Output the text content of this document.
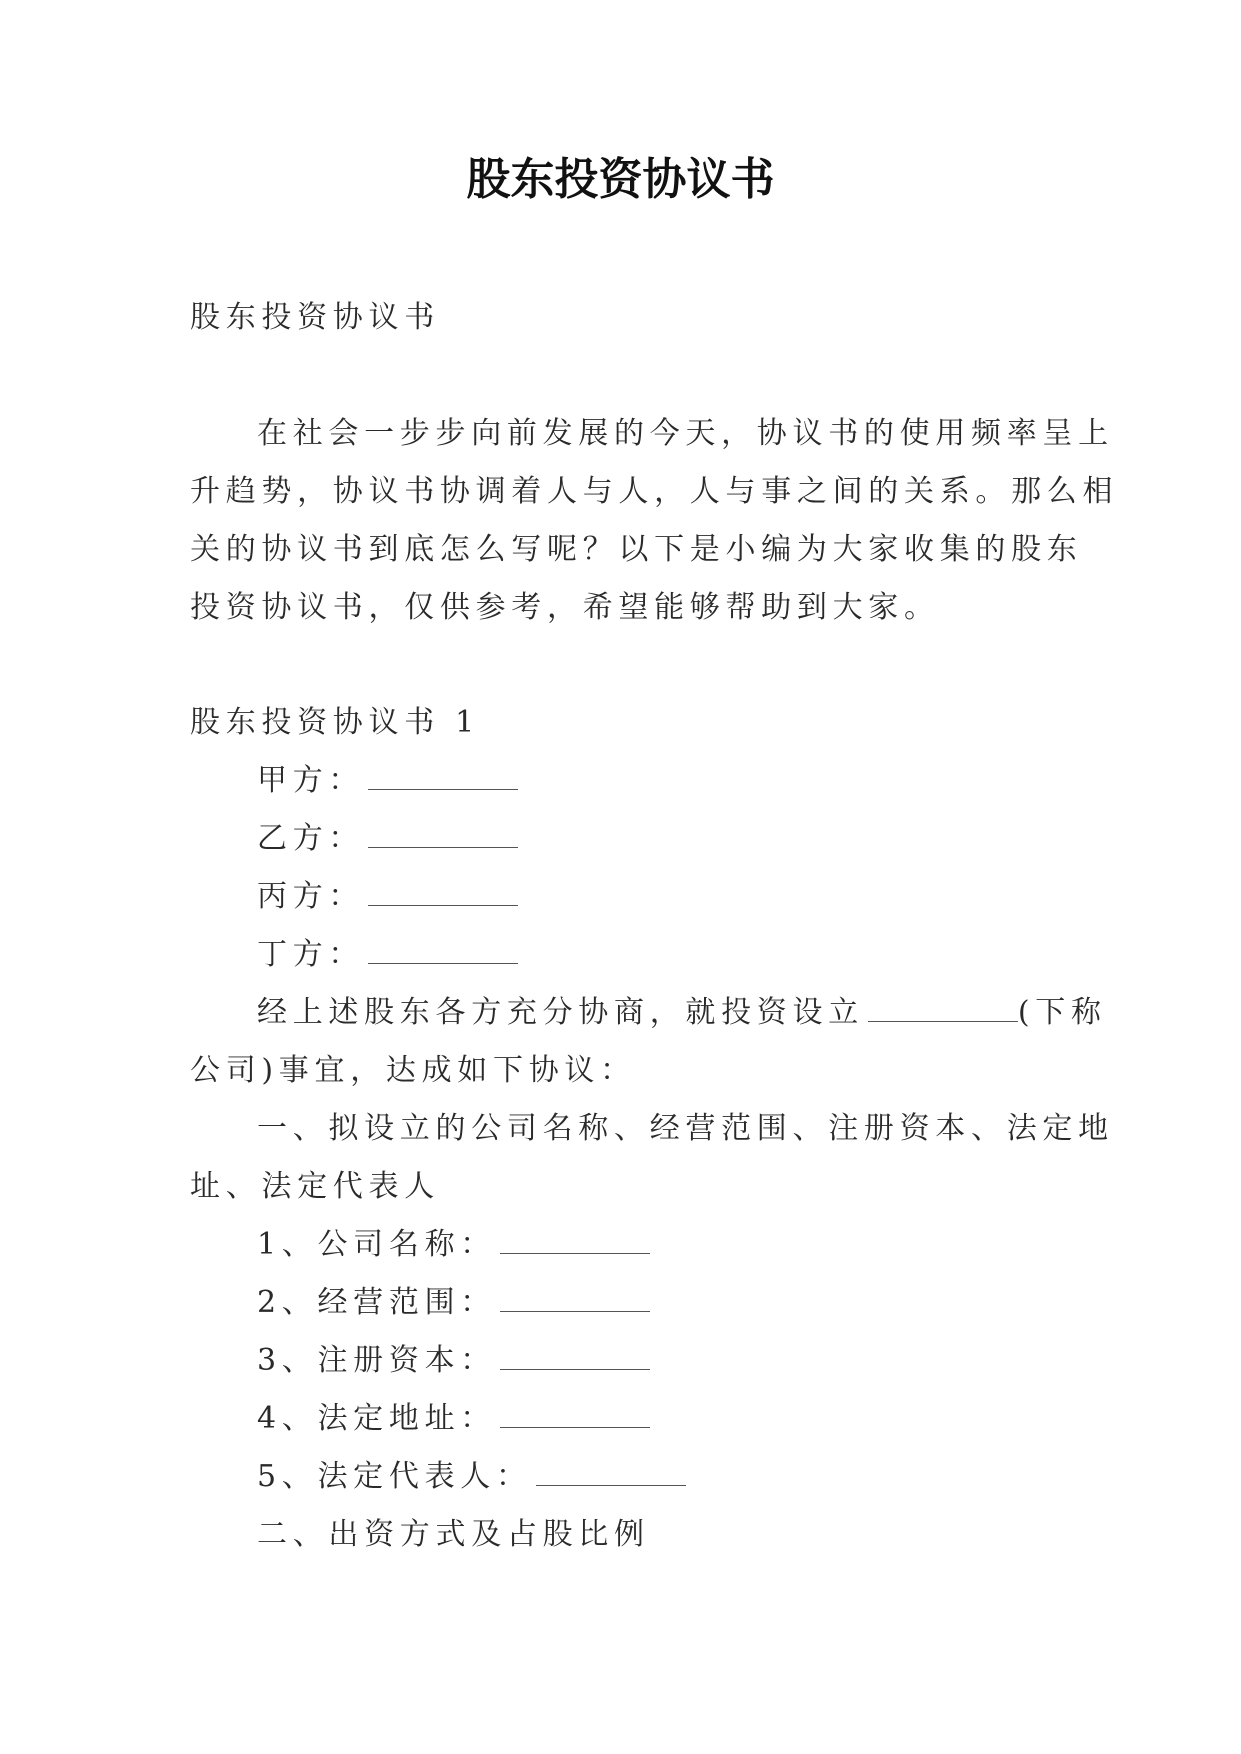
股东投资协议书

股东投资协议书

在社会一步步向前发展的今天，协议书的使用频率呈上

升趋势，协议书协调着人与人，人与事之间的关系。那么相

关的协议书到底怎么写呢？以下是小编为大家收集的股东

投资协议书，仅供参考，希望能够帮助到大家。

股东投资协议书 1

甲方：

乙方：

丙方：

丁方：

经上述股东各方充分协商，就投资设立	(下称

公司)事宜，达成如下协议：

一、拟设立的公司名称、经营范围、注册资本、法定地

址、法定代表人

1、公司名称：

2、经营范围：

3、注册资本：

4、法定地址：

5、法定代表人：

二、出资方式及占股比例
